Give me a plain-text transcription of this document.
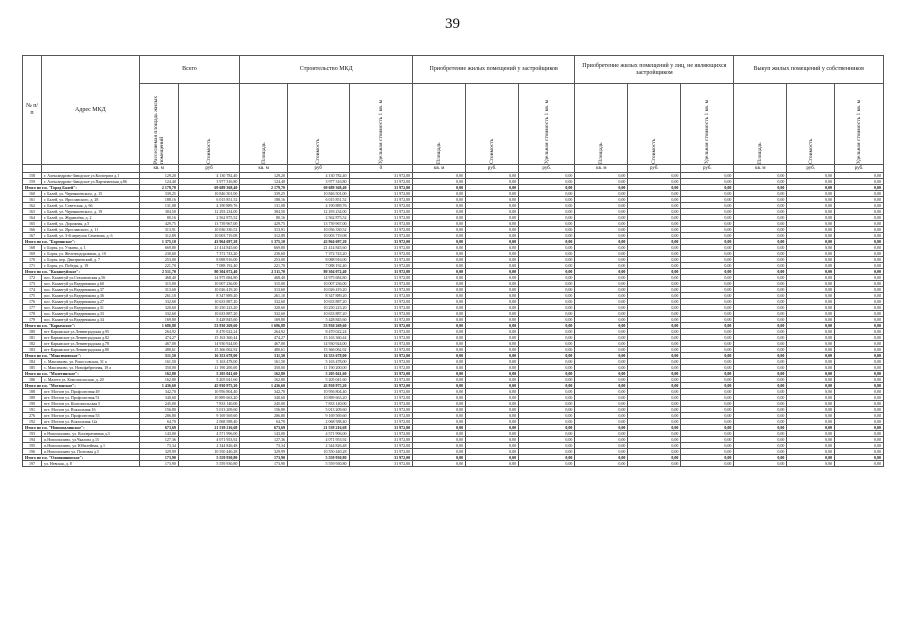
39
№ п/п	Адрес МКД	Всего		Строительство МКД			Приобретение жилых помещений у застройщиков			Приобретение жилых помещений у лиц, не являющихся застройщиком			Выкуп жилых помещений у собственников		

		Расселяемая площадь жилых помещений	Стоимость	Площадь	Стоимость	Удельная стоимость 1 кв. м	Площадь	Стоимость	Удельная стоимость 1 кв. м	Площадь	Стоимость	Удельная стоимость 1 кв. м	Площадь	Стоимость	Удельная стоимость 1 кв. м

		кв. м	руб	кв. м	руб	0	кв. м	руб.	руб.	кв. м	руб.	руб.	кв. м	руб.	руб.
158	г. Александрово-Заводское ул.Кооперата д.1	129,20	4 130 782,40	129,20	4 130 782,40	31 972,00	0,00	0,00	0,00	0,00	0,00	0,00	0,00	0,00	0,00
159	г. Александрово-Заводское ул.Партизанская д.86	124,40	3 977 316,80	124,40	3 977 316,80	31 972,00	0,00	0,00	0,00	0,00	0,00	0,00	0,00	0,00	0,00
Итого по г.п. "Город Балей":		2 179,70	69 689 368,40	2 179,70	69 689 368,40	31 972,00	0,00	0,00	0,00	0,00	0,00	0,00	0,00	0,00	0,00
160	г. Балей, ул. Чернышевского, д. 15	339,25	10 846 501,00	339,25	10 846 501,00	31 972,00	0,00	0,00	0,00	0,00	0,00	0,00	0,00	0,00	0,00
161	г. Балей, ул. Ярославского, д. 28	188,16	6 015 851,52	188,16	6 015 851,52	31 972,00	0,00	0,00	0,00	0,00	0,00	0,00	0,00	0,00	0,00
162	г. Балей, ул. Советская, д. 66	131,08	4 190 889,76	131,08	4 190 889,76	31 972,00	0,00	0,00	0,00	0,00	0,00	0,00	0,00	0,00	0,00
163	г. Балей, ул. Чернышевского, д. 19	384,50	12 293 234,00	384,50	12 293 234,00	31 972,00	0,00	0,00	0,00	0,00	0,00	0,00	0,00	0,00	0,00
164	г. Балей, ул. Журавлёва, д. 2	80,16	2 562 875,52	80,16	2 562 875,52	31 972,00	0,00	0,00	0,00	0,00	0,00	0,00	0,00	0,00	0,00
165	г. Балей, ул. Дорожная, д.5	429,75	13 739 967,00	429,75	13 739 967,00	31 972,00	0,00	0,00	0,00	0,00	0,00	0,00	0,00	0,00	0,00
166	г. Балей, ул. Ярославского, д. 11	313,91	10 036 330,52	313,91	10 036 330,52	31 972,00	0,00	0,00	0,00	0,00	0,00	0,00	0,00	0,00	0,00
167	г. Балей, ул. 3-й переулок Семенова, д. 6	312,89	10 003 719,08	312,89	10 003 719,08	31 972,00	0,00	0,00	0,00	0,00	0,00	0,00	0,00	0,00	0,00
Итого по г.п. "Борзинское":		1 375,10	43 964 697,20	1 375,10	43 964 697,20	31 972,00	0,00	0,00	0,00	0,00	0,00	0,00	0,00	0,00	0,00
168	г. Борзя, ул. Учкина, д. 1	669,80	21 414 845,60	669,80	21 414 845,60	31 972,00	0,00	0,00	0,00	0,00	0,00	0,00	0,00	0,00	0,00
169	г. Борзя, ул. Железнодорожная, д. 10	230,60	7 372 743,20	230,60	7 372 743,20	31 972,00	0,00	0,00	0,00	0,00	0,00	0,00	0,00	0,00	0,00
170	г. Борзя, пер. Дмитриевский, д. 7	253,00	8 088 916,00	253,00	8 088 916,00	31 972,00	0,00	0,00	0,00	0,00	0,00	0,00	0,00	0,00	0,00
171	г. Борзя, ул. Победы, д. 19	221,70	7 088 192,40	221,70	7 088 192,40	31 972,00	0,00	0,00	0,00	0,00	0,00	0,00	0,00	0,00	0,00
Итого по г.п. "Калангуйское":		2 511,70	80 304 072,40	2 511,70	80 304 072,40	31 972,00	0,00	0,00	0,00	0,00	0,00	0,00	0,00	0,00	0,00
172	пос. Калангуй ул.Стахановская д.56	468,40	14 975 684,80	468,40	14 975 684,80	31 972,00	0,00	0,00	0,00	0,00	0,00	0,00	0,00	0,00	0,00
173	пос. Калангуй ул.Ведерникова д.60	315,00	10 007 236,00	315,00	10 007 236,00	31 972,00	0,00	0,00	0,00	0,00	0,00	0,00	0,00	0,00	0,00
174	пос. Калангуй ул.Ведерникова д.37	313,60	10 026 419,20	313,60	10 026 419,20	31 972,00	0,00	0,00	0,00	0,00	0,00	0,00	0,00	0,00	0,00
175	пос. Калангуй ул.Ведерникова д.36	261,10	8 347 889,20	261,10	8 347 889,20	31 972,00	0,00	0,00	0,00	0,00	0,00	0,00	0,00	0,00	0,00
176	пос. Калангуй ул.Ведерникова д.27	332,60	10 633 887,20	332,60	10 633 887,20	31 972,00	0,00	0,00	0,00	0,00	0,00	0,00	0,00	0,00	0,00
177	пос. Калангуй ул.Ведерникова д.31	320,60	10 250 223,20	320,60	10 250 223,20	31 972,00	0,00	0,00	0,00	0,00	0,00	0,00	0,00	0,00	0,00
178	пос. Калангуй ул.Ведерникова д.33	332,60	10 633 887,20	332,60	10 633 887,20	31 972,00	0,00	0,00	0,00	0,00	0,00	0,00	0,00	0,00	0,00
179	пос. Калангуй ул.Ведерникова д.34	169,80	5 428 845,60	169,80	5 428 845,60	31 972,00	0,00	0,00	0,00	0,00	0,00	0,00	0,00	0,00	0,00
Итого по г.п. "Карымское":		1 686,88	53 930 269,60	1 686,88	53 930 269,60	31 972,00	0,00	0,00	0,00	0,00	0,00	0,00	0,00	0,00	0,00
180	пгт Карымское ул.Ленинградская д.95	264,92	8 470 022,24	264,92	8 470 022,24	31 972,00	0,00	0,00	0,00	0,00	0,00	0,00	0,00	0,00	0,00
181	пгт Карымское ул.Ленинградская д.82	474,27	15 163 360,44	474,27	15 163 360,44	31 972,00	0,00	0,00	0,00	0,00	0,00	0,00	0,00	0,00	0,00
182	пгт Карымское ул.Ленинградская д.78	467,00	14 930 924,00	467,00	14 930 924,00	31 972,00	0,00	0,00	0,00	0,00	0,00	0,00	0,00	0,00	0,00
183	пгт Карымское ул.Ленинградская д.80	480,61	15 366 062,92	480,61	15 366 062,92	31 972,00	0,00	0,00	0,00	0,00	0,00	0,00	0,00	0,00	0,00
Итого по г.п. "Максимовское":		511,50	16 353 678,00	511,50	16 353 678,00	31 972,00	0,00	0,00	0,00	0,00	0,00	0,00	0,00	0,00	0,00
184	с. Максимово, ул. Рокоссовская, 31 а	161,50	5 163 478,00	161,50	5 163 478,00	31 972,00	0,00	0,00	0,00	0,00	0,00	0,00	0,00	0,00	0,00
185	с. Максимово, ул. Новофабричная, 18 а	350,00	11 190 200,00	350,00	11 190 200,00	31 972,00	0,00	0,00	0,00	0,00	0,00	0,00	0,00	0,00	0,00
Итого по г.п. "Малетинское":		162,80	5 205 041,60	162,80	5 205 041,60	31 972,00	0,00	0,00	0,00	0,00	0,00	0,00	0,00	0,00	0,00
186	с. Малета ул. Комсомольская, д. 20	162,80	5 205 041,60	162,80	5 205 041,60	31 972,00	0,00	0,00	0,00	0,00	0,00	0,00	0,00	0,00	0,00
Итого по г.п. "Могзонское":		1 436,60	45 930 975,20	1 436,60	45 930 975,20	31 972,00	0,00	0,00	0,00	0,00	0,00	0,00	0,00	0,00	0,00
188	пгт. Могзон ул. Профсоюзная 49	342,70	10 956 804,40	342,70	10 956 804,40	31 972,00	0,00	0,00	0,00	0,00	0,00	0,00	0,00	0,00	0,00
189	пгт. Могзон ул. Профсоюзная 51	340,60	10 889 663,20	340,60	10 889 663,20	31 972,00	0,00	0,00	0,00	0,00	0,00	0,00	0,00	0,00	0,00
190	пгт. Могзон ул. Комсомольская 5	245,00	7 833 140,00	245,00	7 833 140,00	31 972,00	0,00	0,00	0,00	0,00	0,00	0,00	0,00	0,00	0,00
191	пгт. Могзон ул. Вокзальная 16	156,80	5 013 209,60	156,80	5 013 209,60	31 972,00	0,00	0,00	0,00	0,00	0,00	0,00	0,00	0,00	0,00
276	пгт. Могзон ул. Профсоюзная 53	286,80	9 169 569,60	286,80	9 169 569,60	31 972,00	0,00	0,00	0,00	0,00	0,00	0,00	0,00	0,00	0,00
192	пгт. Могзон ул. Вокзальная 12а	64,70	2 068 588,40	64,70	2 068 588,40	31 972,00	0,00	0,00	0,00	0,00	0,00	0,00	0,00	0,00	0,00
Итого по г.п. "Новоопалинское":		673,69	21 539 216,68	673,69	21 539 216,68	31 972,00	0,00	0,00	0,00	0,00	0,00	0,00	0,00	0,00	0,00
193	п.Новоопалино, ул. Кооперативная д.3	143,00	4 571 996,00	143,00	4 571 996,00	31 972,00	0,00	0,00	0,00	0,00	0,00	0,00	0,00	0,00	0,00
194	п.Новоопалино, ул.Чкалова д.15	127,36	4 071 953,92	127,36	4 071 953,92	31 972,00	0,00	0,00	0,00	0,00	0,00	0,00	0,00	0,00	0,00
195	п.Новоопалино, ул. Юбилейная, д.1	73,34	2 344 826,48	73,34	2 344 826,48	31 972,00	0,00	0,00	0,00	0,00	0,00	0,00	0,00	0,00	0,00
196	п.Новоопалино ул. Почтовая д.5	329,99	10 550 440,28	329,99	10 550 440,28	31 972,00	0,00	0,00	0,00	0,00	0,00	0,00	0,00	0,00	0,00
Итого по г.п. "Оловяннинское":		173,90	5 559 930,80	173,90	5 559 930,80	31 972,00	0,00	0,00	0,00	0,00	0,00	0,00	0,00	0,00	0,00
197	ул. Невская, д. 8	173,90	5 559 930,80	173,90	5 559 930,80	31 972,00	0,00	0,00	0,00	0,00	0,00	0,00	0,00	0,00	0,00
